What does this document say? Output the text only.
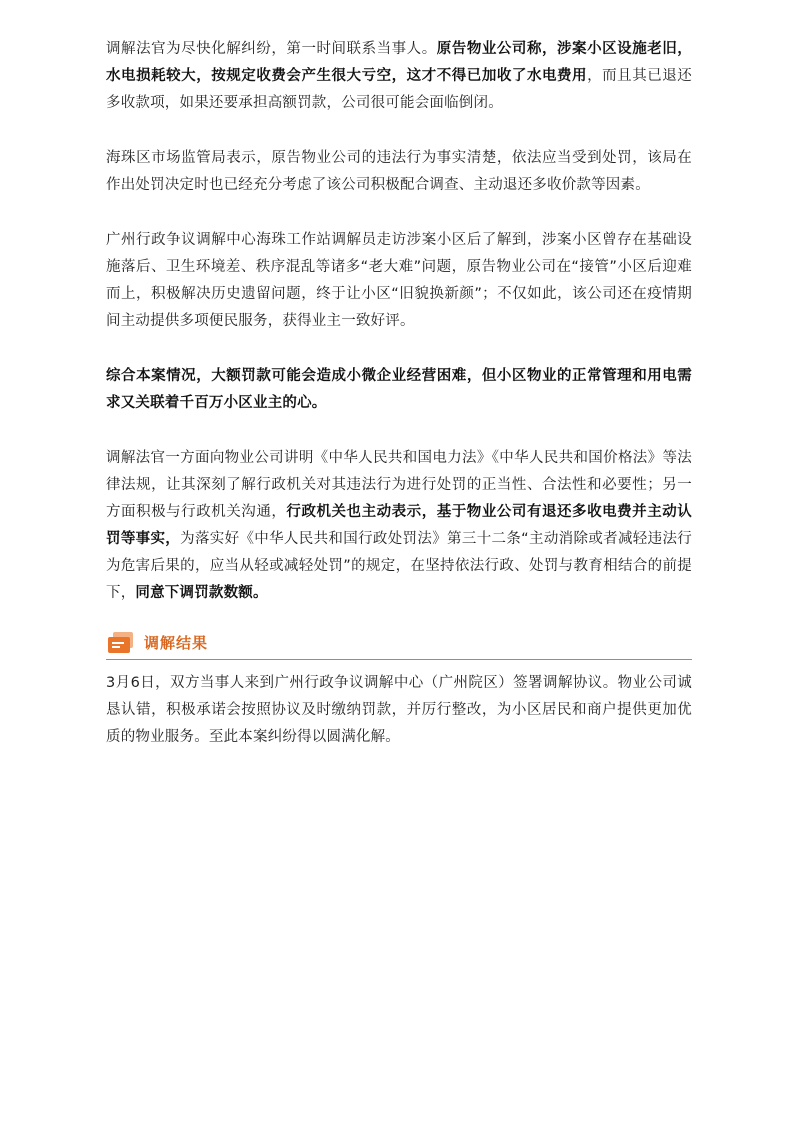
调解法官为尽快化解纠纷，第一时间联系当事人。原告物业公司称，涉案小区设施老旧，水电损耗较大，按规定收费会产生很大亏空，这才不得已加收了水电费用，而且其已退还多收款项，如果还要承担高额罚款，公司很可能会面临倒闭。

海珠区市场监管局表示，原告物业公司的违法行为事实清楚，依法应当受到处罚，该局在作出处罚决定时也已经充分考虑了该公司积极配合调查、主动退还多收价款等因素。

广州行政争议调解中心海珠工作站调解员走访涉案小区后了解到，涉案小区曾存在基础设施落后、卫生环境差、秩序混乱等诸多“老大难”问题，原告物业公司在“接管”小区后迎难而上，积极解决历史遗留问题，终于让小区“旧貌换新颜”；不仅如此，该公司还在疫情期间主动提供多项便民服务，获得业主一致好评。

综合本案情况，大额罚款可能会造成小微企业经营困难，但小区物业的正常管理和用电需求又关联着千百万小区业主的心。

调解法官一方面向物业公司讲明《中华人民共和国电力法》《中华人民共和国价格法》等法律法规，让其深刻了解行政机关对其违法行为进行处罚的正当性、合法性和必要性；另一方面积极与行政机关沟通，行政机关也主动表示，基于物业公司有退还多收电费并主动认罚等事实，为落实好《中华人民共和国行政处罚法》第三十二条“主动消除或者减轻违法行为危害后果的，应当从轻或减轻处罚”的规定，在坚持依法行政、处罚与教育相结合的前提下，同意下调罚款数额。

调解结果

3月6日，双方当事人来到广州行政争议调解中心（广州院区）签署调解协议。物业公司诚恳认错，积极承诺会按照协议及时缴纳罚款，并厉行整改，为小区居民和商户提供更加优质的物业服务。至此本案纠纷得以圆满化解。
